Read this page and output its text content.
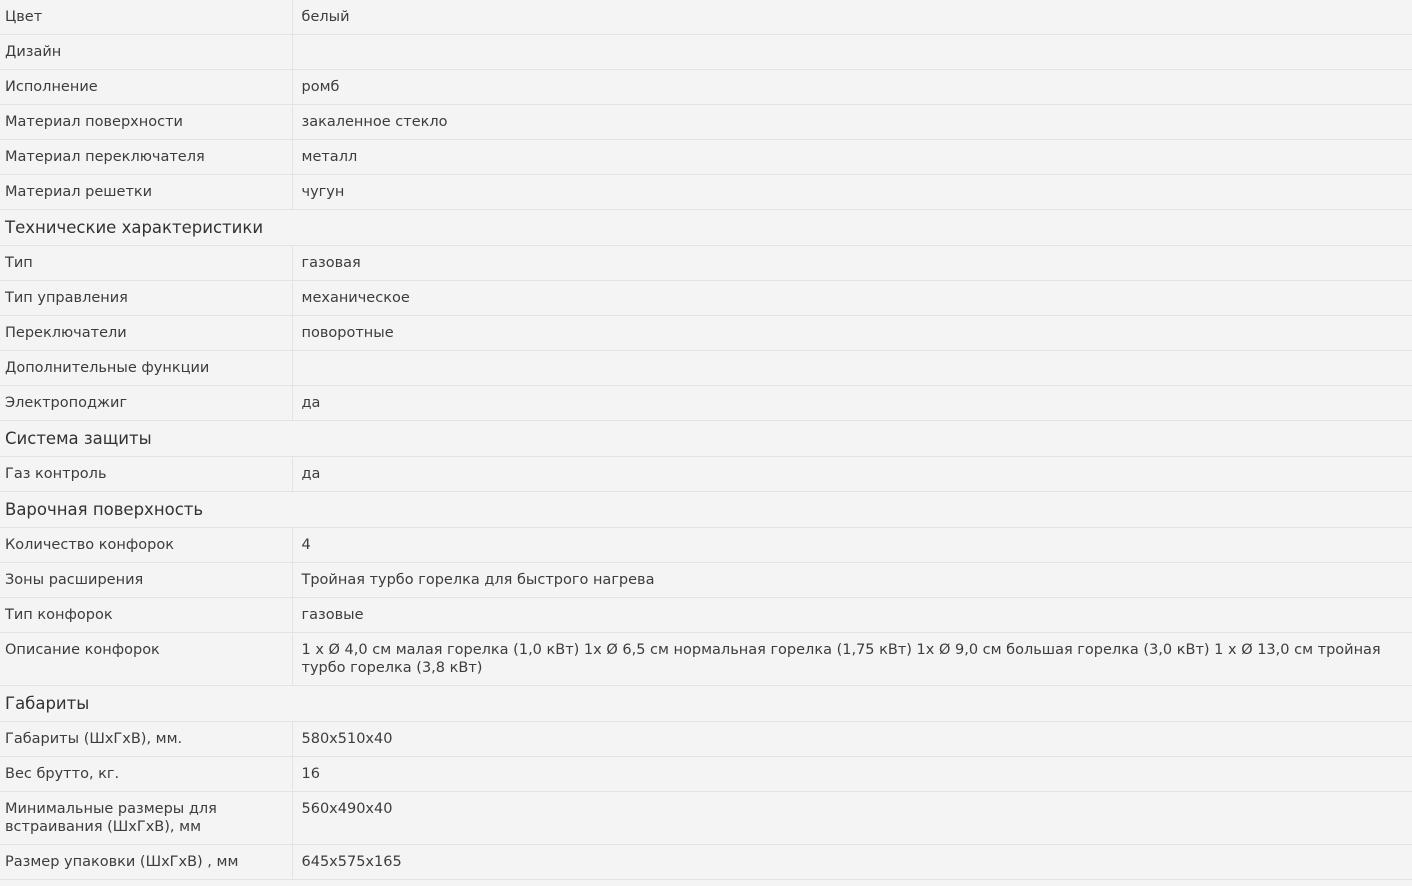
Цвет	белый
Дизайн	
Исполнение	ромб
Материал поверхности	закаленное стекло
Материал переключателя	металл
Материал решетки	чугун
Технические характеристики	
Тип	газовая
Тип управления	механическое
Переключатели	поворотные
Дополнительные функции	
Электроподжиг	да
Система защиты	
Газ контроль	да
Варочная поверхность	
Количество конфорок	4
Зоны расширения	Тройная турбо горелка для быстрого нагрева
Тип конфорок	газовые
Описание конфорок	1 х Ø 4,0 см малая горелка (1,0 кВт) 1х Ø 6,5 см нормальная горелка (1,75 кВт) 1х Ø 9,0 см большая горелка (3,0 кВт) 1 х Ø 13,0 см тройная турбо горелка (3,8 кВт)
Габариты	
Габариты (ШхГхВ), мм.	580х510х40
Вес брутто, кг.	16
Минимальные размеры для встраивания (ШхГхВ), мм	560х490х40
Размер упаковки (ШхГхВ) , мм	645х575х165
